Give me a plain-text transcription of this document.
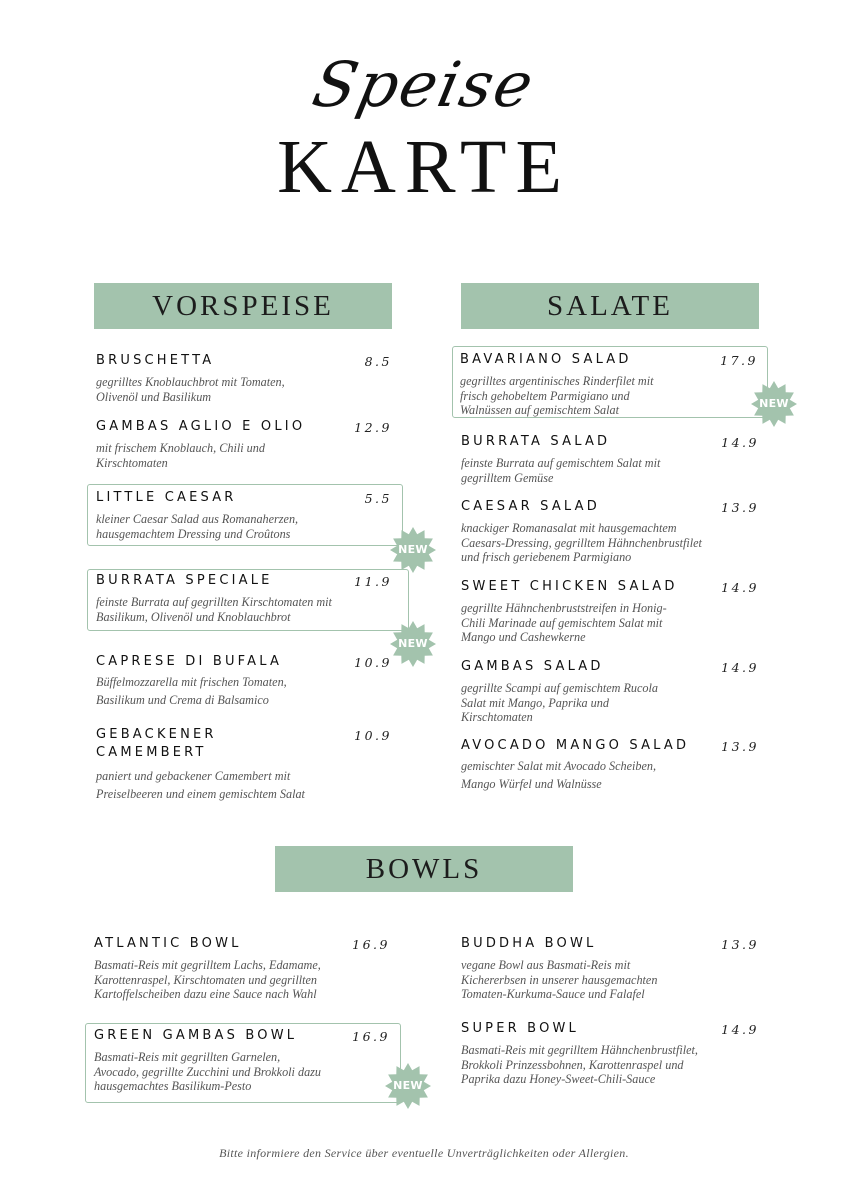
Speise
KARTE
VORSPEISE	SALATE
BOWLS
BRUSCHETTA	8.5
gegrilltes Knoblauchbrot mit Tomaten, Olivenöl und Basilikum
GAMBAS AGLIO E OLIO	12.9
mit frischem Knoblauch, Chili und Kirschtomaten
LITTLE CAESAR	5.5
kleiner Caesar Salad aus Romanaherzen, hausgemachtem Dressing und Croûtons
NEW
BURRATA SPECIALE	11.9
feinste Burrata auf gegrillten Kirschtomaten mit Basilikum, Olivenöl und Knoblauchbrot
NEW
CAPRESE DI BUFALA	10.9
Büffelmozzarella mit frischen Tomaten, Basilikum und Crema di Balsamico
GEBACKENER CAMEMBERT
10.9
paniert und gebackener Camembert mit Preiselbeeren und einem gemischtem Salat
BAVARIANO SALAD	17.9
gegrilltes argentinisches Rinderfilet mit frisch gehobeltem Parmigiano und Walnüssen auf gemischtem Salat	NEW
BURRATA SALAD	14.9
feinste Burrata auf gemischtem Salat mit gegrilltem Gemüse
CAESAR SALAD	13.9
knackiger Romanasalat mit hausgemachtem Caesars-Dressing, gegrilltem Hähnchenbrustfilet und frisch geriebenem Parmigiano
SWEET CHICKEN SALAD	14.9
gegrillte Hähnchenbruststreifen in Honig-Chili Marinade auf gemischtem Salat mit Mango und Cashewkerne
GAMBAS SALAD	14.9
gegrillte Scampi auf gemischtem Rucola Salat mit Mango, Paprika und Kirschtomaten
AVOCADO MANGO SALAD	13.9
gemischter Salat mit Avocado Scheiben, Mango Würfel und Walnüsse
ATLANTIC BOWL	16.9
Basmati-Reis mit gegrilltem Lachs, Edamame, Karottenraspel, Kirschtomaten und gegrillten Kartoffelscheiben dazu eine Sauce nach Wahl
GREEN GAMBAS BOWL	16.9
Basmati-Reis mit gegrillten Garnelen, Avocado, gegrillte Zucchini und Brokkoli dazu hausgemachtes Basilikum-Pesto	NEW
BUDDHA BOWL	13.9
vegane Bowl aus Basmati-Reis mit Kichererbsen in unserer hausgemachten Tomaten-Kurkuma-Sauce und Falafel
SUPER BOWL	14.9
Basmati-Reis mit gegrilltem Hähnchenbrustfilet, Brokkoli Prinzessbohnen, Karottenraspel und Paprika dazu Honey-Sweet-Chili-Sauce
Bitte informiere den Service über eventuelle Unverträglichkeiten oder Allergien.
